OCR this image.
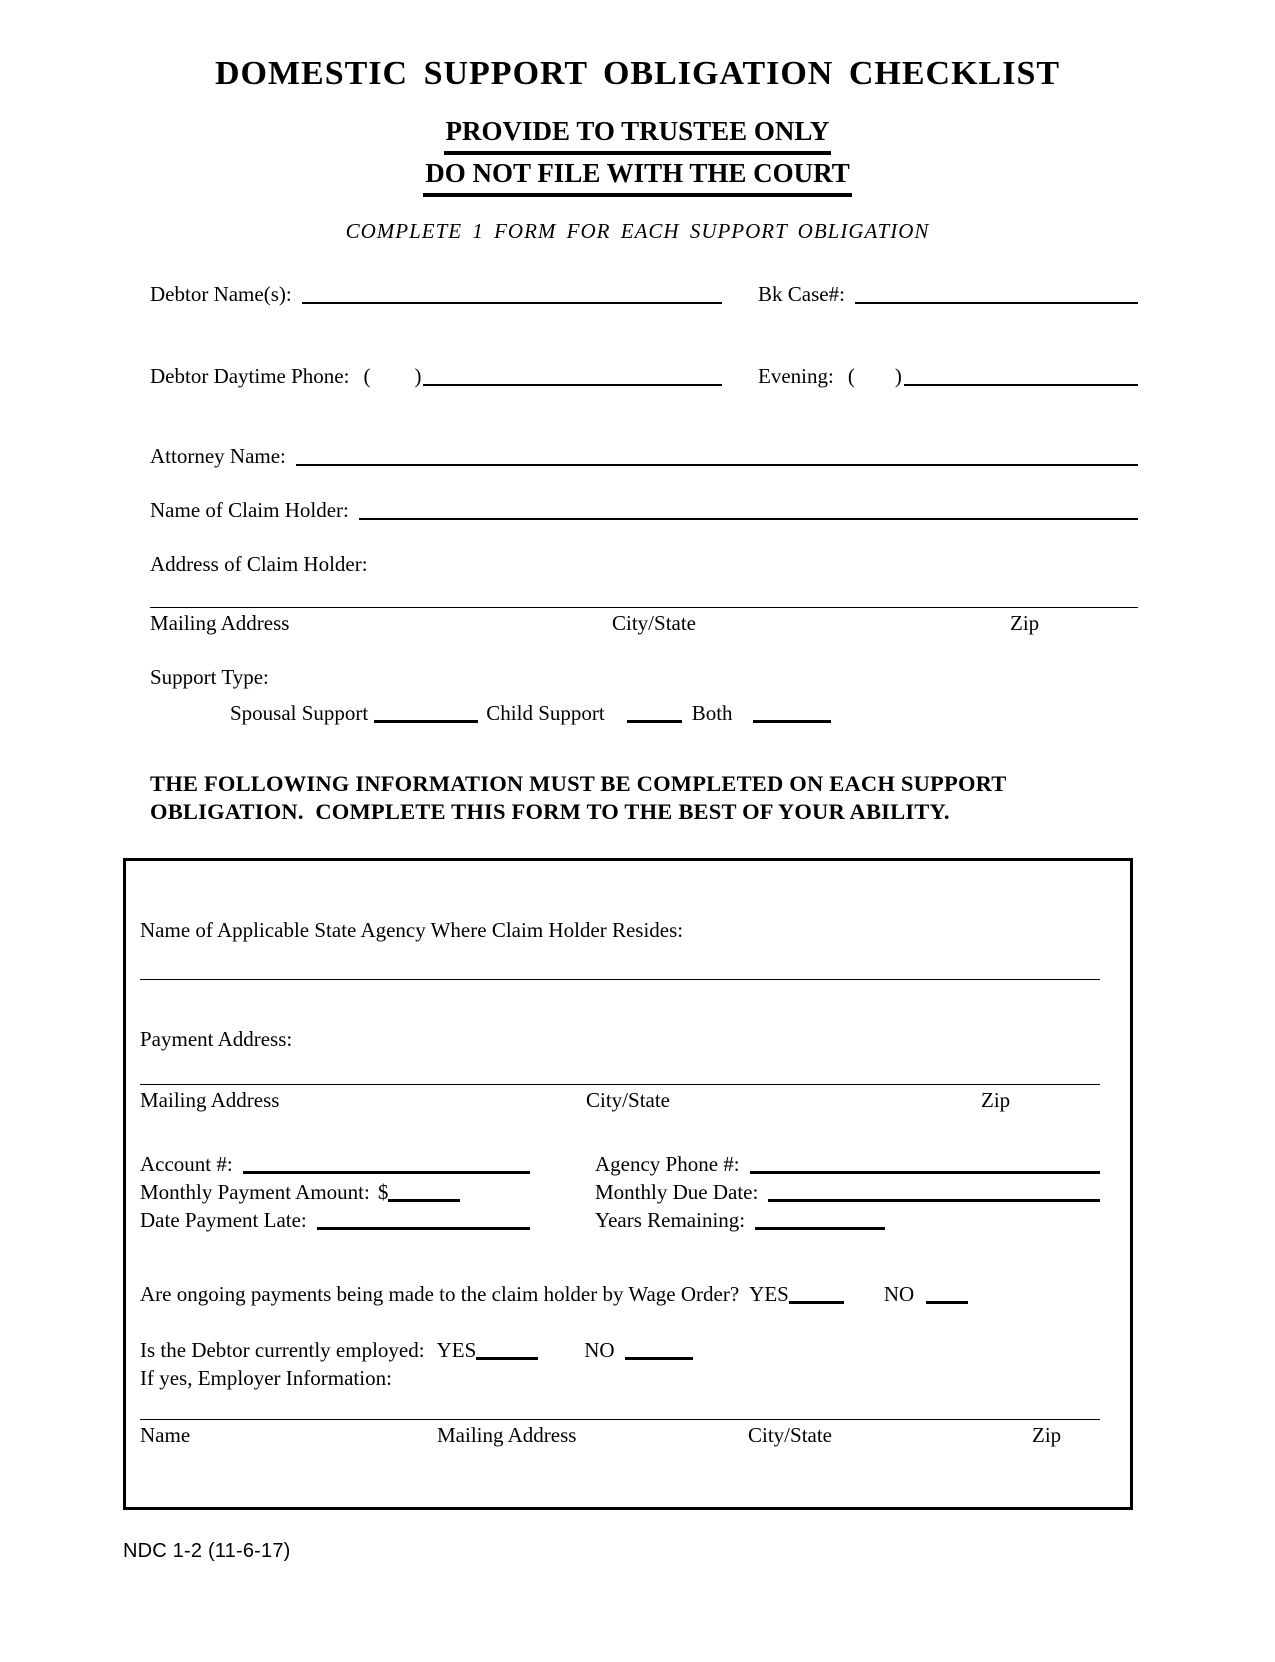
DOMESTIC SUPPORT OBLIGATION CHECKLIST
PROVIDE TO TRUSTEE ONLY
DO NOT FILE WITH THE COURT
COMPLETE 1 FORM FOR EACH SUPPORT OBLIGATION
Debtor Name(s):	Bk Case#:
Debtor Daytime Phone: ( )	Evening: ( )
Attorney Name:
Name of Claim Holder:
Address of Claim Holder:
Mailing Address	City/State	Zip
Support Type:
Spousal Support	Child Support	Both
THE FOLLOWING INFORMATION MUST BE COMPLETED ON EACH SUPPORT OBLIGATION.  COMPLETE THIS FORM TO THE BEST OF YOUR ABILITY.
Name of Applicable State Agency Where Claim Holder Resides:
Payment Address:
Mailing Address	City/State	Zip
Account #:	Agency Phone #:
Monthly Payment Amount: $	Monthly Due Date:
Date Payment Late:	Years Remaining:
Are ongoing payments being made to the claim holder by Wage Order? YES	NO
Is the Debtor currently employed: YES	NO
If yes, Employer Information:
Name	Mailing Address	City/State	Zip
NDC 1-2 (11-6-17)
